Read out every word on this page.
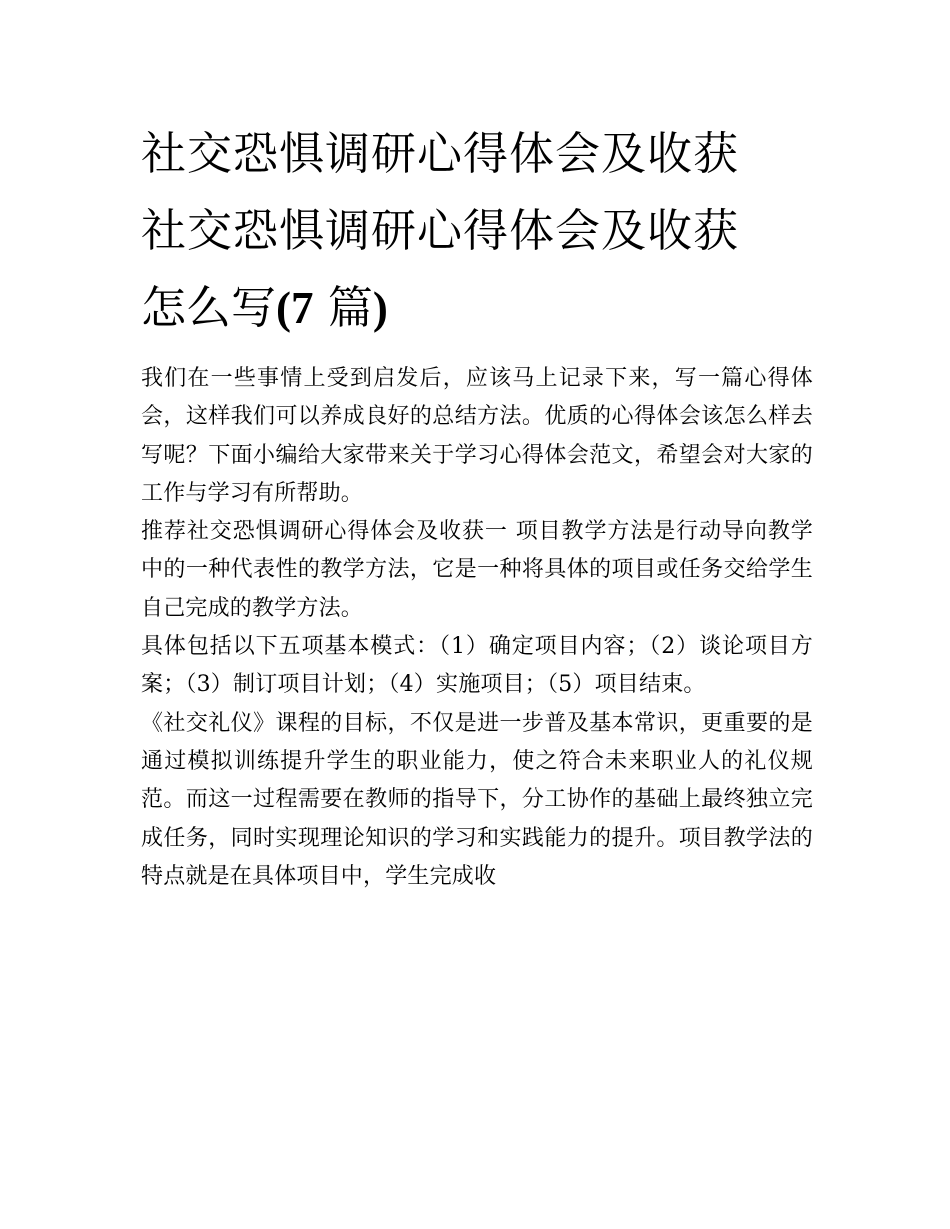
社交恐惧调研心得体会及收获
社交恐惧调研心得体会及收获
怎么写(7 篇)

我们在一些事情上受到启发后，应该马上记录下来，写一篇心得体会，这样我们可以养成良好的总结方法。优质的心得体会该怎么样去写呢？下面小编给大家带来关于学习心得体会范文，希望会对大家的工作与学习有所帮助。

推荐社交恐惧调研心得体会及收获一 项目教学方法是行动导向教学中的一种代表性的教学方法，它是一种将具体的项目或任务交给学生自己完成的教学方法。

具体包括以下五项基本模式：（1）确定项目内容；（2）谈论项目方案；（3）制订项目计划；（4）实施项目；（5）项目结束。

《社交礼仪》课程的目标，不仅是进一步普及基本常识，更重要的是通过模拟训练提升学生的职业能力，使之符合未来职业人的礼仪规范。而这一过程需要在教师的指导下，分工协作的基础上最终独立完成任务，同时实现理论知识的学习和实践能力的提升。项目教学法的特点就是在具体项目中，学生完成收
